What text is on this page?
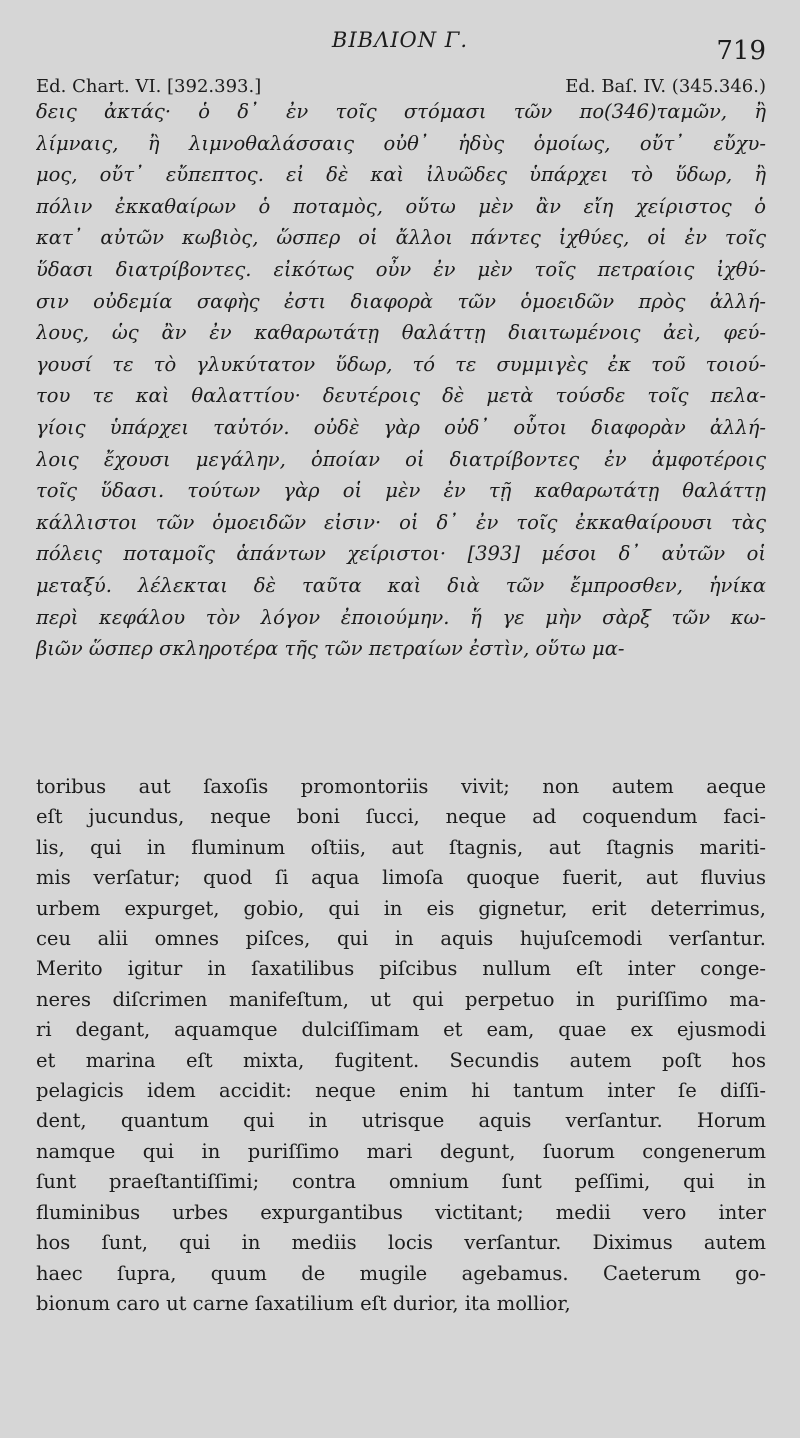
ΒΙΒΛΙΟΝ Γ.	719
Ed. Chart. VI. [392.393.]	Ed. Baſ. IV. (345.346.)
δεις ἀκτάς· ὁ δ᾽ ἐν τοῖς στόμασι τῶν πο(346)ταμῶν, ἢ
λίμναις, ἢ λιμνοθαλάσσαις οὐθ᾽ ἡδὺς ὁμοίως, οὔτ᾽ εὔχυ-
μος, οὔτ᾽ εὔπεπτος. εἰ δὲ καὶ ἰλυῶδες ὑπάρχει τὸ ὕδωρ, ἢ
πόλιν ἐκκαθαίρων ὁ ποταμὸς, οὕτω μὲν ἂν εἴη χείριστος ὁ
κατ᾽ αὐτῶν κωβιὸς, ὥσπερ οἱ ἄλλοι πάντες ἰχθύες, οἱ ἐν τοῖς
ὕδασι διατρίβοντες. εἰκότως οὖν ἐν μὲν τοῖς πετραίοις ἰχθύ-
σιν οὐδεμία σαφὴς ἐστι διαφορὰ τῶν ὁμοειδῶν πρὸς ἀλλή-
λους, ὡς ἂν ἐν καθαρωτάτῃ θαλάττῃ διαιτωμένοις ἀεὶ, φεύ-
γουσί τε τὸ γλυκύτατον ὕδωρ, τό τε συμμιγὲς ἐκ τοῦ τοιού-
του τε καὶ θαλαττίου· δευτέροις δὲ μετὰ τούσδε τοῖς πελα-
γίοις ὑπάρχει ταὐτόν. οὐδὲ γὰρ οὐδ᾽ οὗτοι διαφορὰν ἀλλή-
λοις ἔχουσι μεγάλην, ὁποίαν οἱ διατρίβοντες ἐν ἀμφοτέροις
τοῖς ὕδασι. τούτων γὰρ οἱ μὲν ἐν τῇ καθαρωτάτῃ θαλάττῃ
κάλλιστοι τῶν ὁμοειδῶν εἰσιν· οἱ δ᾽ ἐν τοῖς ἐκκαθαίρουσι τὰς
πόλεις ποταμοῖς ἁπάντων χείριστοι· [393] μέσοι δ᾽ αὐτῶν οἱ
μεταξύ. λέλεκται δὲ ταῦτα καὶ διὰ τῶν ἔμπροσθεν, ἡνίκα
περὶ κεφάλου τὸν λόγον ἐποιούμην. ἥ γε μὴν σὰρξ τῶν κω-
βιῶν ὥσπερ σκληροτέρα τῆς τῶν πετραίων ἐστὶν, οὕτω μα-
toribus aut ſaxoſis promontoriis vivit; non autem aeque
eſt jucundus, neque boni ſucci, neque ad coquendum faci-
lis, qui in fluminum oſtiis, aut ſtagnis, aut ſtagnis mariti-
mis verſatur; quod ſi aqua limoſa quoque fuerit, aut fluvius
urbem expurget, gobio, qui in eis gignetur, erit deterrimus,
ceu alii omnes piſces, qui in aquis hujuſcemodi verſantur.
Merito igitur in ſaxatilibus piſcibus nullum eſt inter conge-
neres diſcrimen manifeſtum, ut qui perpetuo in puriſſimo ma-
ri degant, aquamque dulciſſimam et eam, quae ex ejusmodi
et marina eſt mixta, fugitent. Secundis autem poſt hos
pelagicis idem accidit: neque enim hi tantum inter ſe diſſi-
dent, quantum qui in utrisque aquis verſantur. Horum
namque qui in puriſſimo mari degunt, ſuorum congenerum
ſunt praeſtantiſſimi; contra omnium ſunt peſſimi, qui in
fluminibus urbes expurgantibus victitant; medii vero inter
hos ſunt, qui in mediis locis verſantur. Diximus autem
haec ſupra, quum de mugile agebamus. Caeterum go-
bionum caro ut carne ſaxatilium eſt durior, ita mollior,
